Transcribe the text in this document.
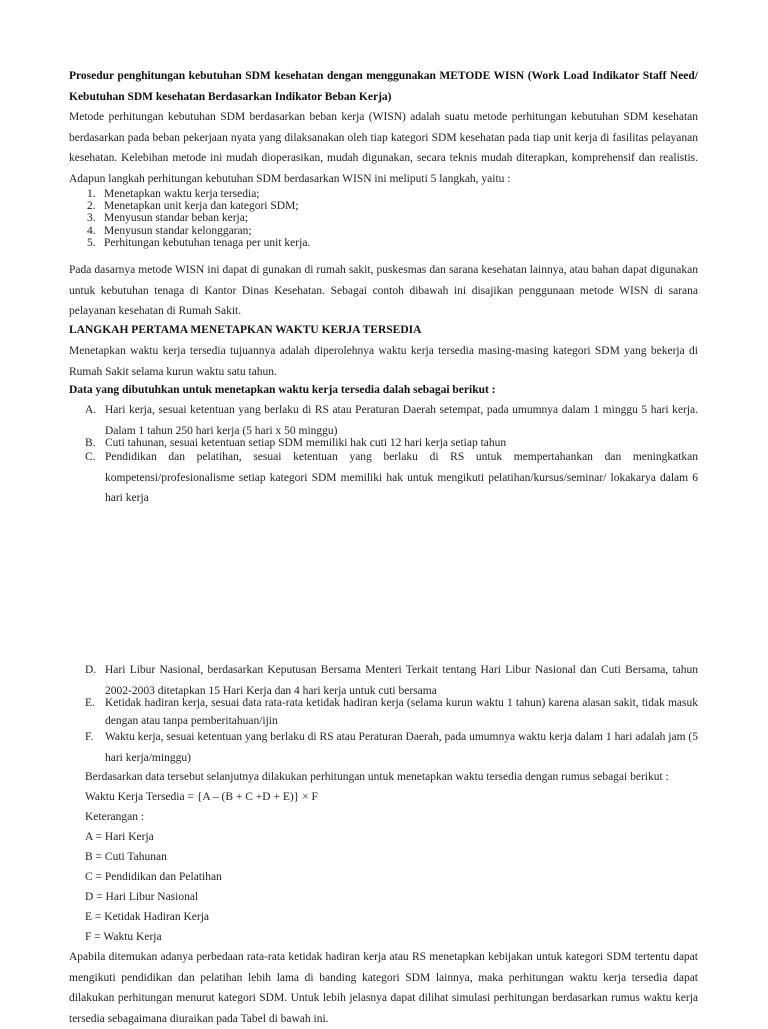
Prosedur penghitungan kebutuhan SDM kesehatan dengan menggunakan METODE WISN (Work Load Indikator Staff Need/ Kebutuhan SDM kesehatan Berdasarkan Indikator Beban Kerja)
Metode perhitungan kebutuhan SDM berdasarkan beban kerja (WISN) adalah suatu metode perhitungan kebutuhan SDM kesehatan berdasarkan pada beban pekerjaan nyata yang dilaksanakan oleh tiap kategori SDM kesehatan pada tiap unit kerja di fasilitas pelayanan kesehatan. Kelebihan metode ini mudah dioperasikan, mudah digunakan, secara teknis mudah diterapkan, komprehensif dan realistis. Adapun langkah perhitungan kebutuhan SDM berdasarkan WISN ini meliputi 5 langkah, yaitu :
1. Menetapkan waktu kerja tersedia;
2. Menetapkan unit kerja dan kategori SDM;
3. Menyusun standar beban kerja;
4. Menyusun standar kelonggaran;
5. Perhitungan kebutuhan tenaga per unit kerja.
Pada dasarnya metode WISN ini dapat di gunakan di rumah sakit, puskesmas dan sarana kesehatan lainnya, atau bahan dapat digunakan untuk kebutuhan tenaga di Kantor Dinas Kesehatan. Sebagai contoh dibawah ini disajikan penggunaan metode WISN di sarana pelayanan kesehatan di Rumah Sakit.
LANGKAH PERTAMA MENETAPKAN WAKTU KERJA TERSEDIA
Menetapkan waktu kerja tersedia tujuannya adalah diperolehnya waktu kerja tersedia masing-masing kategori SDM yang bekerja di Rumah Sakit selama kurun waktu satu tahun.
Data yang dibutuhkan untuk menetapkan waktu kerja tersedia dalah sebagai berikut :
A. Hari kerja, sesuai ketentuan yang berlaku di RS atau Peraturan Daerah setempat, pada umumnya dalam 1 minggu 5 hari kerja. Dalam 1 tahun 250 hari kerja (5 hari x 50 minggu)
B. Cuti tahunan, sesuai ketentuan setiap SDM memiliki hak cuti 12 hari kerja setiap tahun
C. Pendidikan dan pelatihan, sesuai ketentuan yang berlaku di RS untuk mempertahankan dan meningkatkan kompetensi/profesionalisme setiap kategori SDM memiliki hak untuk mengikuti pelatihan/kursus/seminar/ lokakarya dalam 6 hari kerja
D. Hari Libur Nasional, berdasarkan Keputusan Bersama Menteri Terkait tentang Hari Libur Nasional dan Cuti Bersama, tahun 2002-2003 ditetapkan 15 Hari Kerja dan 4 hari kerja untuk cuti bersama
E. Ketidak hadiran kerja, sesuai data rata-rata ketidak hadiran kerja (selama kurun waktu 1 tahun) karena alasan sakit, tidak masuk dengan atau tanpa pemberitahuan/ijin
F. Waktu kerja, sesuai ketentuan yang berlaku di RS atau Peraturan Daerah, pada umumnya waktu kerja dalam 1 hari adalah jam (5 hari kerja/minggu)
Berdasarkan data tersebut selanjutnya dilakukan perhitungan untuk menetapkan waktu tersedia dengan rumus sebagai berikut :
Waktu Kerja Tersedia = {A – (B + C +D + E)} × F
Keterangan :
A = Hari Kerja
B = Cuti Tahunan
C = Pendidikan dan Pelatihan
D = Hari Libur Nasional
E = Ketidak Hadiran Kerja
F = Waktu Kerja
Apabila ditemukan adanya perbedaan rata-rata ketidak hadiran kerja atau RS menetapkan kebijakan untuk kategori SDM tertentu dapat mengikuti pendidikan dan pelatihan lebih lama di banding kategori SDM lainnya, maka perhitungan waktu kerja tersedia dapat dilakukan perhitungan menurut kategori SDM. Untuk lebih jelasnya dapat dilihat simulasi perhitungan berdasarkan rumus waktu kerja tersedia sebagaimana diuraikan pada Tabel di bawah ini.
